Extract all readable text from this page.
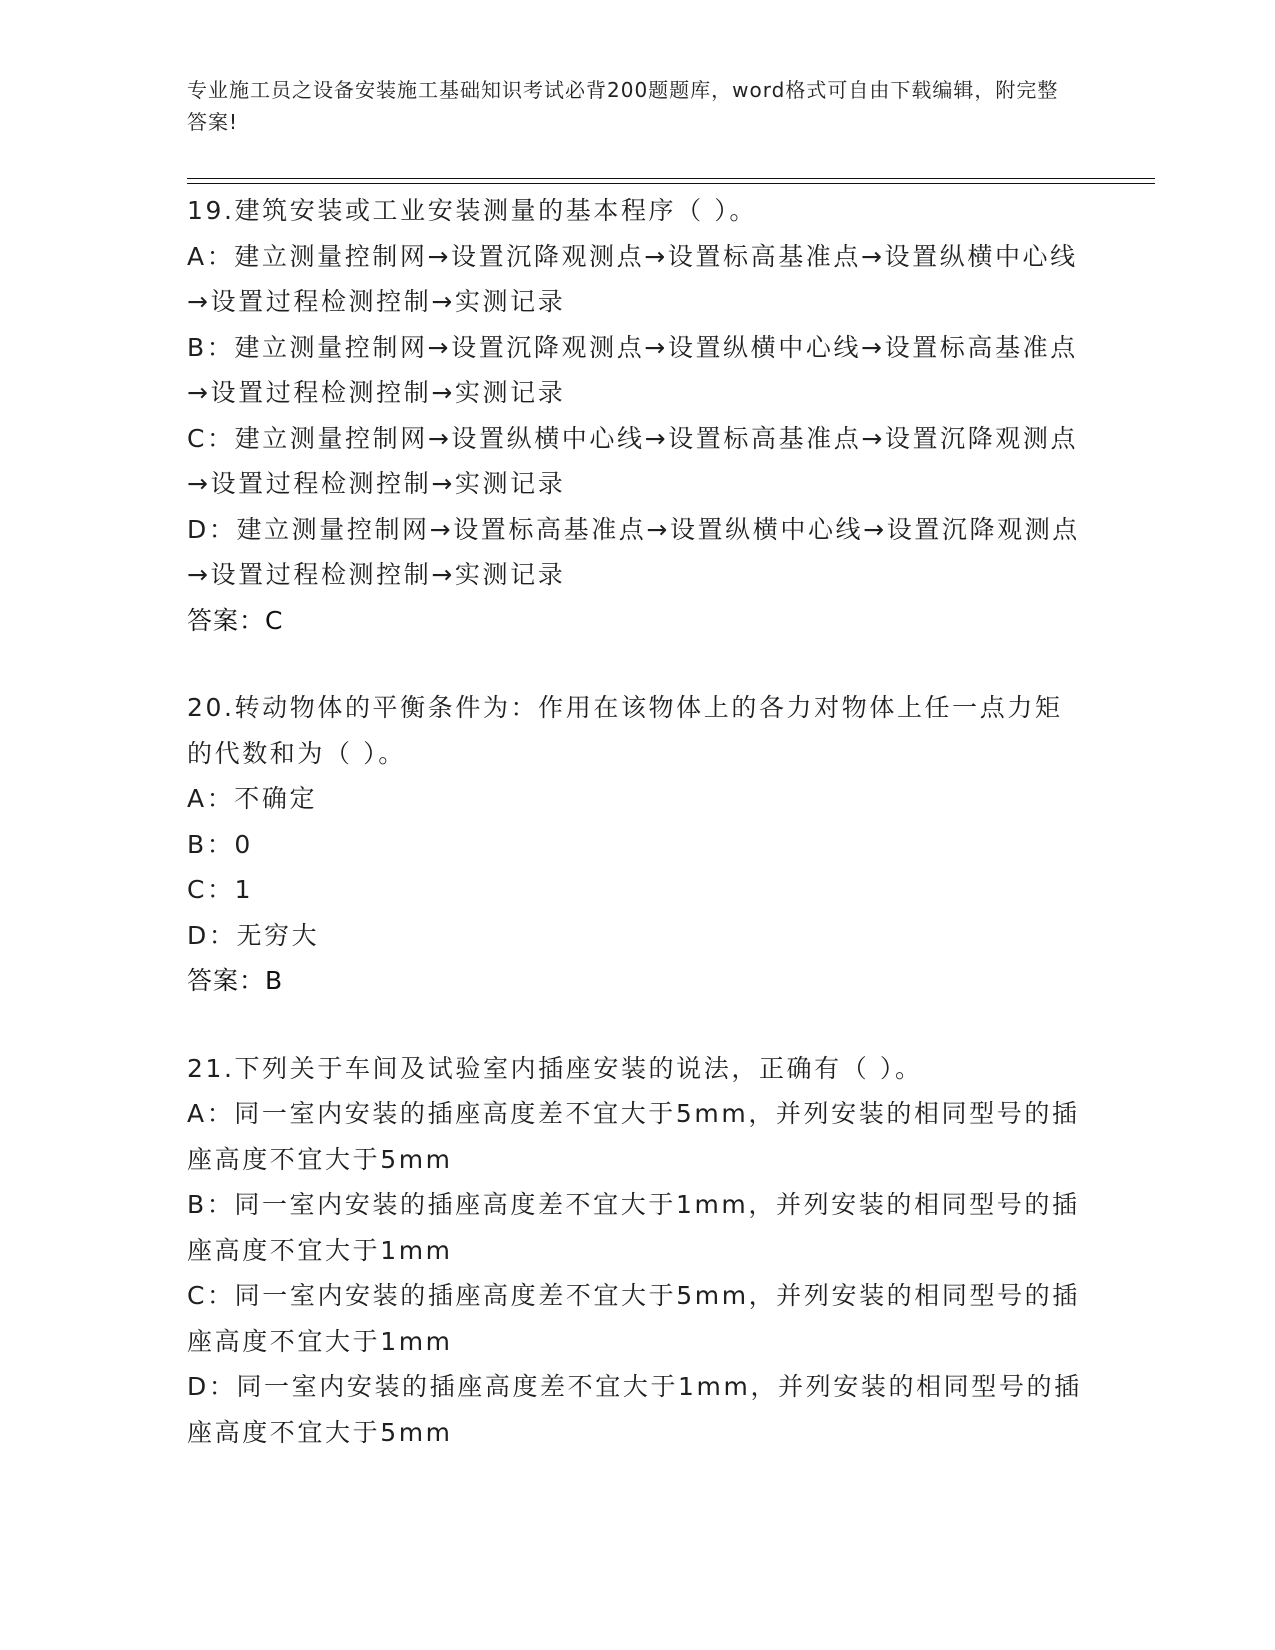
专业施工员之设备安装施工基础知识考试必背200题题库，word格式可自由下载编辑，附完整答案!
19.建筑安装或工业安装测量的基本程序（ ）。
A：建立测量控制网→设置沉降观测点→设置标高基准点→设置纵横中心线→设置过程检测控制→实测记录
B：建立测量控制网→设置沉降观测点→设置纵横中心线→设置标高基准点→设置过程检测控制→实测记录
C：建立测量控制网→设置纵横中心线→设置标高基准点→设置沉降观测点→设置过程检测控制→实测记录
D：建立测量控制网→设置标高基准点→设置纵横中心线→设置沉降观测点→设置过程检测控制→实测记录
答案：C
20.转动物体的平衡条件为：作用在该物体上的各力对物体上任一点力矩的代数和为（ ）。
A：不确定
B：0
C：1
D：无穷大
答案：B
21.下列关于车间及试验室内插座安装的说法，正确有（ ）。
A：同一室内安装的插座高度差不宜大于5mm，并列安装的相同型号的插座高度不宜大于5mm
B：同一室内安装的插座高度差不宜大于1mm，并列安装的相同型号的插座高度不宜大于1mm
C：同一室内安装的插座高度差不宜大于5mm，并列安装的相同型号的插座高度不宜大于1mm
D：同一室内安装的插座高度差不宜大于1mm，并列安装的相同型号的插座高度不宜大于5mm
